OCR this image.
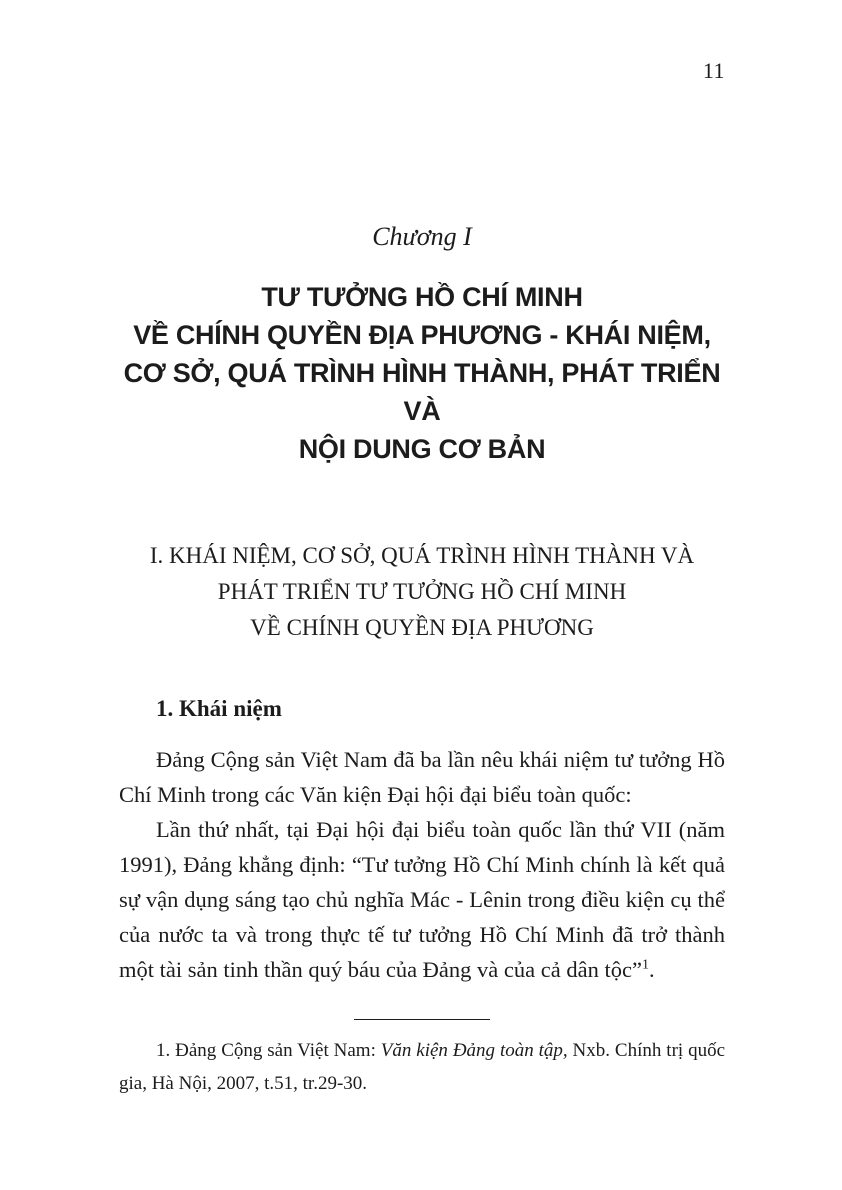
11
Chương I
TƯ TƯỞNG HỒ CHÍ MINH
VỀ CHÍNH QUYỀN ĐỊA PHƯƠNG - KHÁI NIỆM,
CƠ SỞ, QUÁ TRÌNH HÌNH THÀNH, PHÁT TRIỂN VÀ
NỘI DUNG CƠ BẢN
I. KHÁI NIỆM, CƠ SỞ, QUÁ TRÌNH HÌNH THÀNH VÀ
PHÁT TRIỂN TƯ TƯỞNG HỒ CHÍ MINH
VỀ CHÍNH QUYỀN ĐỊA PHƯƠNG
1. Khái niệm

Đảng Cộng sản Việt Nam đã ba lần nêu khái niệm tư tưởng Hồ Chí Minh trong các Văn kiện Đại hội đại biểu toàn quốc:

Lần thứ nhất, tại Đại hội đại biểu toàn quốc lần thứ VII (năm 1991), Đảng khẳng định: “Tư tưởng Hồ Chí Minh chính là kết quả sự vận dụng sáng tạo chủ nghĩa Mác - Lênin trong điều kiện cụ thể của nước ta và trong thực tế tư tưởng Hồ Chí Minh đã trở thành một tài sản tinh thần quý báu của Đảng và của cả dân tộc”$^1$.

1. Đảng Cộng sản Việt Nam: Văn kiện Đảng toàn tập, Nxb. Chính trị quốc gia, Hà Nội, 2007, t.51, tr.29-30.
